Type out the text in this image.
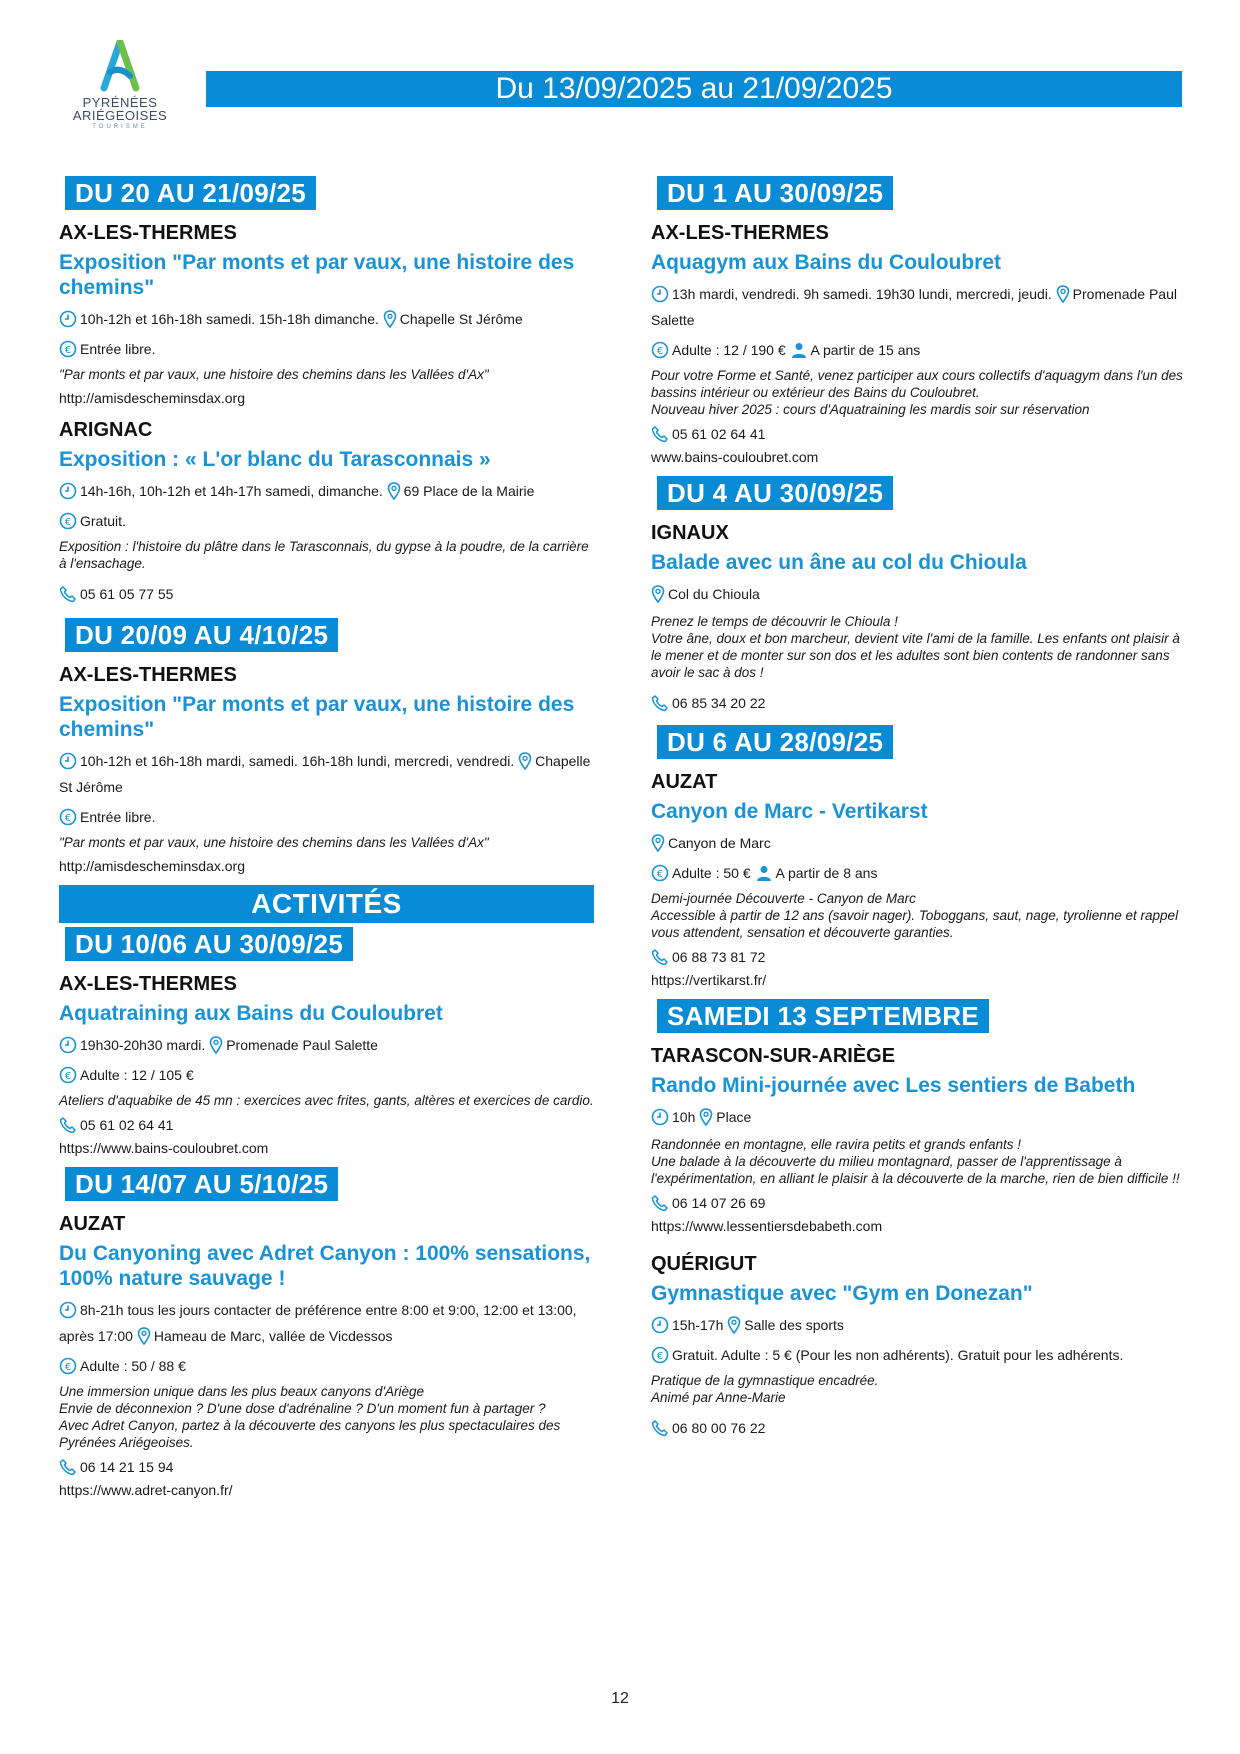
PYRÉNÉES
ARIÉGEOISES
TOURISME
Du 13/09/2025 au 21/09/2025
DU 20 AU 21/09/25
AX-LES-THERMES
Exposition "Par monts et par vaux, une histoire des chemins"
10h-12h et 16h-18h samedi. 15h-18h dimanche. Chapelle St Jérôme
€ Entrée libre.
"Par monts et par vaux, une histoire des chemins dans les Vallées d'Ax"
http://amisdescheminsdax.org
ARIGNAC
Exposition : « L'or blanc du Tarasconnais »
14h-16h, 10h-12h et 14h-17h samedi, dimanche. 69 Place de la Mairie
€ Gratuit.
Exposition : l'histoire du plâtre dans le Tarasconnais, du gypse à la poudre, de la carrière à l'ensachage.
05 61 05 77 55
DU 20/09 AU 4/10/25
AX-LES-THERMES
Exposition "Par monts et par vaux, une histoire des chemins"
10h-12h et 16h-18h mardi, samedi. 16h-18h lundi, mercredi, vendredi. Chapelle St Jérôme
€ Entrée libre.
"Par monts et par vaux, une histoire des chemins dans les Vallées d'Ax"
http://amisdescheminsdax.org
ACTIVITÉS
DU 10/06 AU 30/09/25
AX-LES-THERMES
Aquatraining aux Bains du Couloubret
19h30-20h30 mardi. Promenade Paul Salette
€ Adulte : 12 / 105 €
Ateliers d'aquabike de 45 mn : exercices avec frites, gants, altères et exercices de cardio.
05 61 02 64 41
https://www.bains-couloubret.com
DU 14/07 AU 5/10/25
AUZAT
Du Canyoning avec Adret Canyon : 100% sensations, 100% nature sauvage !
8h-21h tous les jours contacter de préférence entre 8:00 et 9:00, 12:00 et 13:00, après 17:00 Hameau de Marc, vallée de Vicdessos
€ Adulte : 50 / 88 €
Une immersion unique dans les plus beaux canyons d'Ariège
Envie de déconnexion ? D'une dose d'adrénaline ? D'un moment fun à partager ?
Avec Adret Canyon, partez à la découverte des canyons les plus spectaculaires des Pyrénées Ariégeoises.
06 14 21 15 94
https://www.adret-canyon.fr/
DU 1 AU 30/09/25
AX-LES-THERMES
Aquagym aux Bains du Couloubret
13h mardi, vendredi. 9h samedi. 19h30 lundi, mercredi, jeudi. Promenade Paul Salette
€ Adulte : 12 / 190 € A partir de 15 ans
Pour votre Forme et Santé, venez participer aux cours collectifs d'aquagym dans l'un des bassins intérieur ou extérieur des Bains du Couloubret.
Nouveau hiver 2025 : cours d'Aquatraining les mardis soir sur réservation
05 61 02 64 41
www.bains-couloubret.com
DU 4 AU 30/09/25
IGNAUX
Balade avec un âne au col du Chioula
Col du Chioula
Prenez le temps de découvrir le Chioula !
Votre âne, doux et bon marcheur, devient vite l'ami de la famille. Les enfants ont plaisir à le mener et de monter sur son dos et les adultes sont bien contents de randonner sans avoir le sac à dos !
06 85 34 20 22
DU 6 AU 28/09/25
AUZAT
Canyon de Marc - Vertikarst
Canyon de Marc
€ Adulte : 50 € A partir de 8 ans
Demi-journée Découverte - Canyon de Marc
Accessible à partir de 12 ans (savoir nager). Toboggans, saut, nage, tyrolienne et rappel vous attendent, sensation et découverte garanties.
06 88 73 81 72
https://vertikarst.fr/
SAMEDI 13 SEPTEMBRE
TARASCON-SUR-ARIÈGE
Rando Mini-journée avec Les sentiers de Babeth
10h Place
Randonnée en montagne, elle ravira petits et grands enfants !
Une balade à la découverte du milieu montagnard, passer de l'apprentissage à l'expérimentation, en alliant le plaisir à la découverte de la marche, rien de bien difficile !!
06 14 07 26 69
https://www.lessentiersdebabeth.com
QUÉRIGUT
Gymnastique avec "Gym en Donezan"
15h-17h Salle des sports
€ Gratuit. Adulte : 5 € (Pour les non adhérents). Gratuit pour les adhérents.
Pratique de la gymnastique encadrée.
Animé par Anne-Marie
06 80 00 76 22
12
